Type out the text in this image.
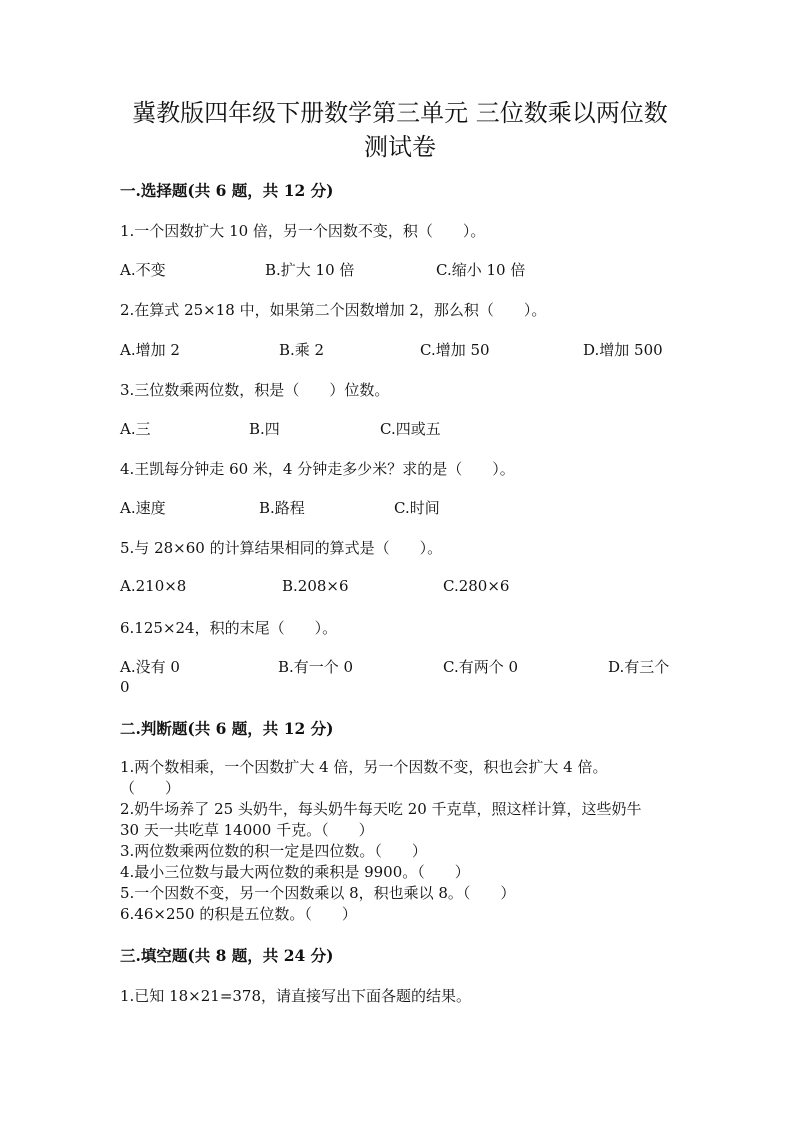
冀教版四年级下册数学第三单元 三位数乘以两位数
测试卷
一.选择题(共 6 题，共 12 分)
1.一个因数扩大 10 倍，另一个因数不变，积（　　）。
A.不变	B.扩大 10 倍	C.缩小 10 倍
2.在算式 25×18 中，如果第二个因数增加 2，那么积（　　）。
A.增加 2	B.乘 2	C.增加 50	D.增加 500
3.三位数乘两位数，积是（　　）位数。
A.三	B.四	C.四或五
4.王凯每分钟走 60 米，4 分钟走多少米？求的是（　　）。
A.速度	B.路程	C.时间
5.与 28×60 的计算结果相同的算式是（　　）。
A.210×8	B.208×6	C.280×6
6.125×24，积的末尾（　　）。
A.没有 0	B.有一个 0	C.有两个 0	D.有三个
0
二.判断题(共 6 题，共 12 分)
1.两个数相乘，一个因数扩大 4 倍，另一个因数不变，积也会扩大 4 倍。
（　　）
2.奶牛场养了 25 头奶牛，每头奶牛每天吃 20 千克草，照这样计算，这些奶牛
30 天一共吃草 14000 千克。（　　）
3.两位数乘两位数的积一定是四位数。（　　）
4.最小三位数与最大两位数的乘积是 9900。（　　）
5.一个因数不变，另一个因数乘以 8，积也乘以 8。（　　）
6.46×250 的积是五位数。（　　）
三.填空题(共 8 题，共 24 分)
1.已知 18×21=378，请直接写出下面各题的结果。
